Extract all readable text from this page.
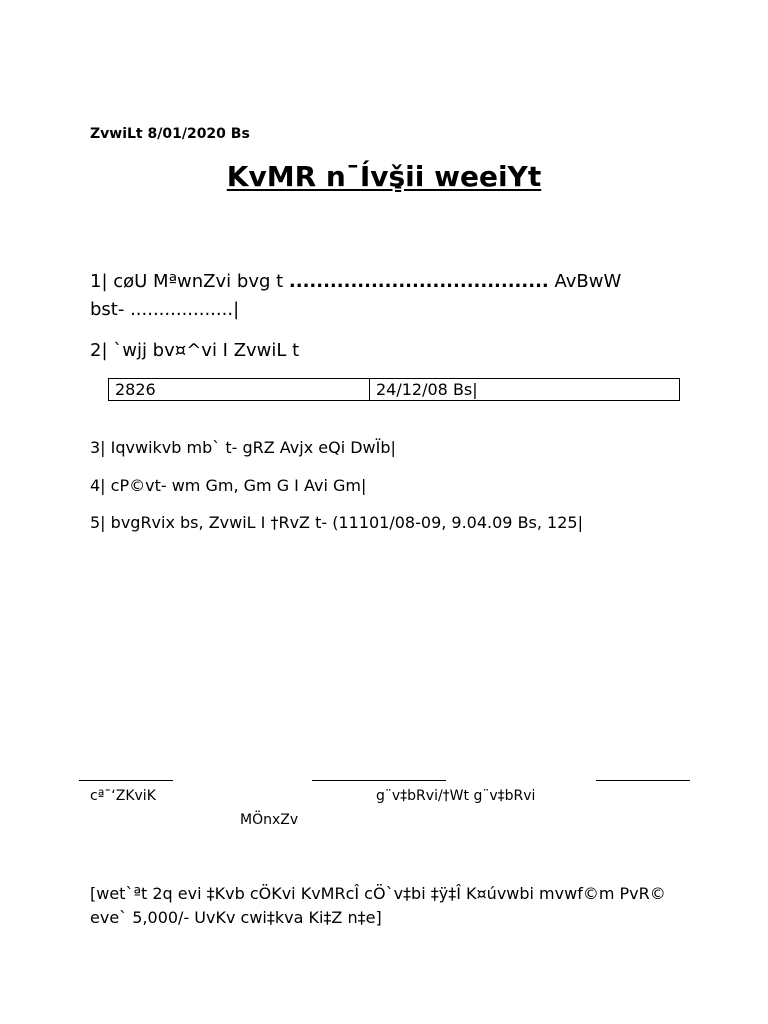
ZvwiLt 8/01/2020 Bs
KvMR n¯Ívš͇ii weeiYt
1| cøU MªwnZvi bvg t ...................................... AvBwW
bst- ..................|
2| `wjj bv¤^vi I ZvwiL t
2826	24/12/08 Bs|
3| Iqvwikvb mb` t- gRZ Avjx eQi DwÏb|
4| cP©vt- wm Gm, Gm G I Avi Gm|
5| bvgRvix bs, ZvwiL I †RvZ t- (11101/08-09, 9.04.09 Bs, 125|
cª¯‘ZKviK	g¨v‡bRvi/†Wt g¨v‡bRvi
MÖnxZv
[wet`ªt 2q evi ‡Kvb cÖKvi KvMRcÎ cÖ`v‡bi ‡ÿ‡Î K¤úvwbi mvwf©m PvR© eve` 5,000/- UvKv cwi‡kva Ki‡Z n‡e]
